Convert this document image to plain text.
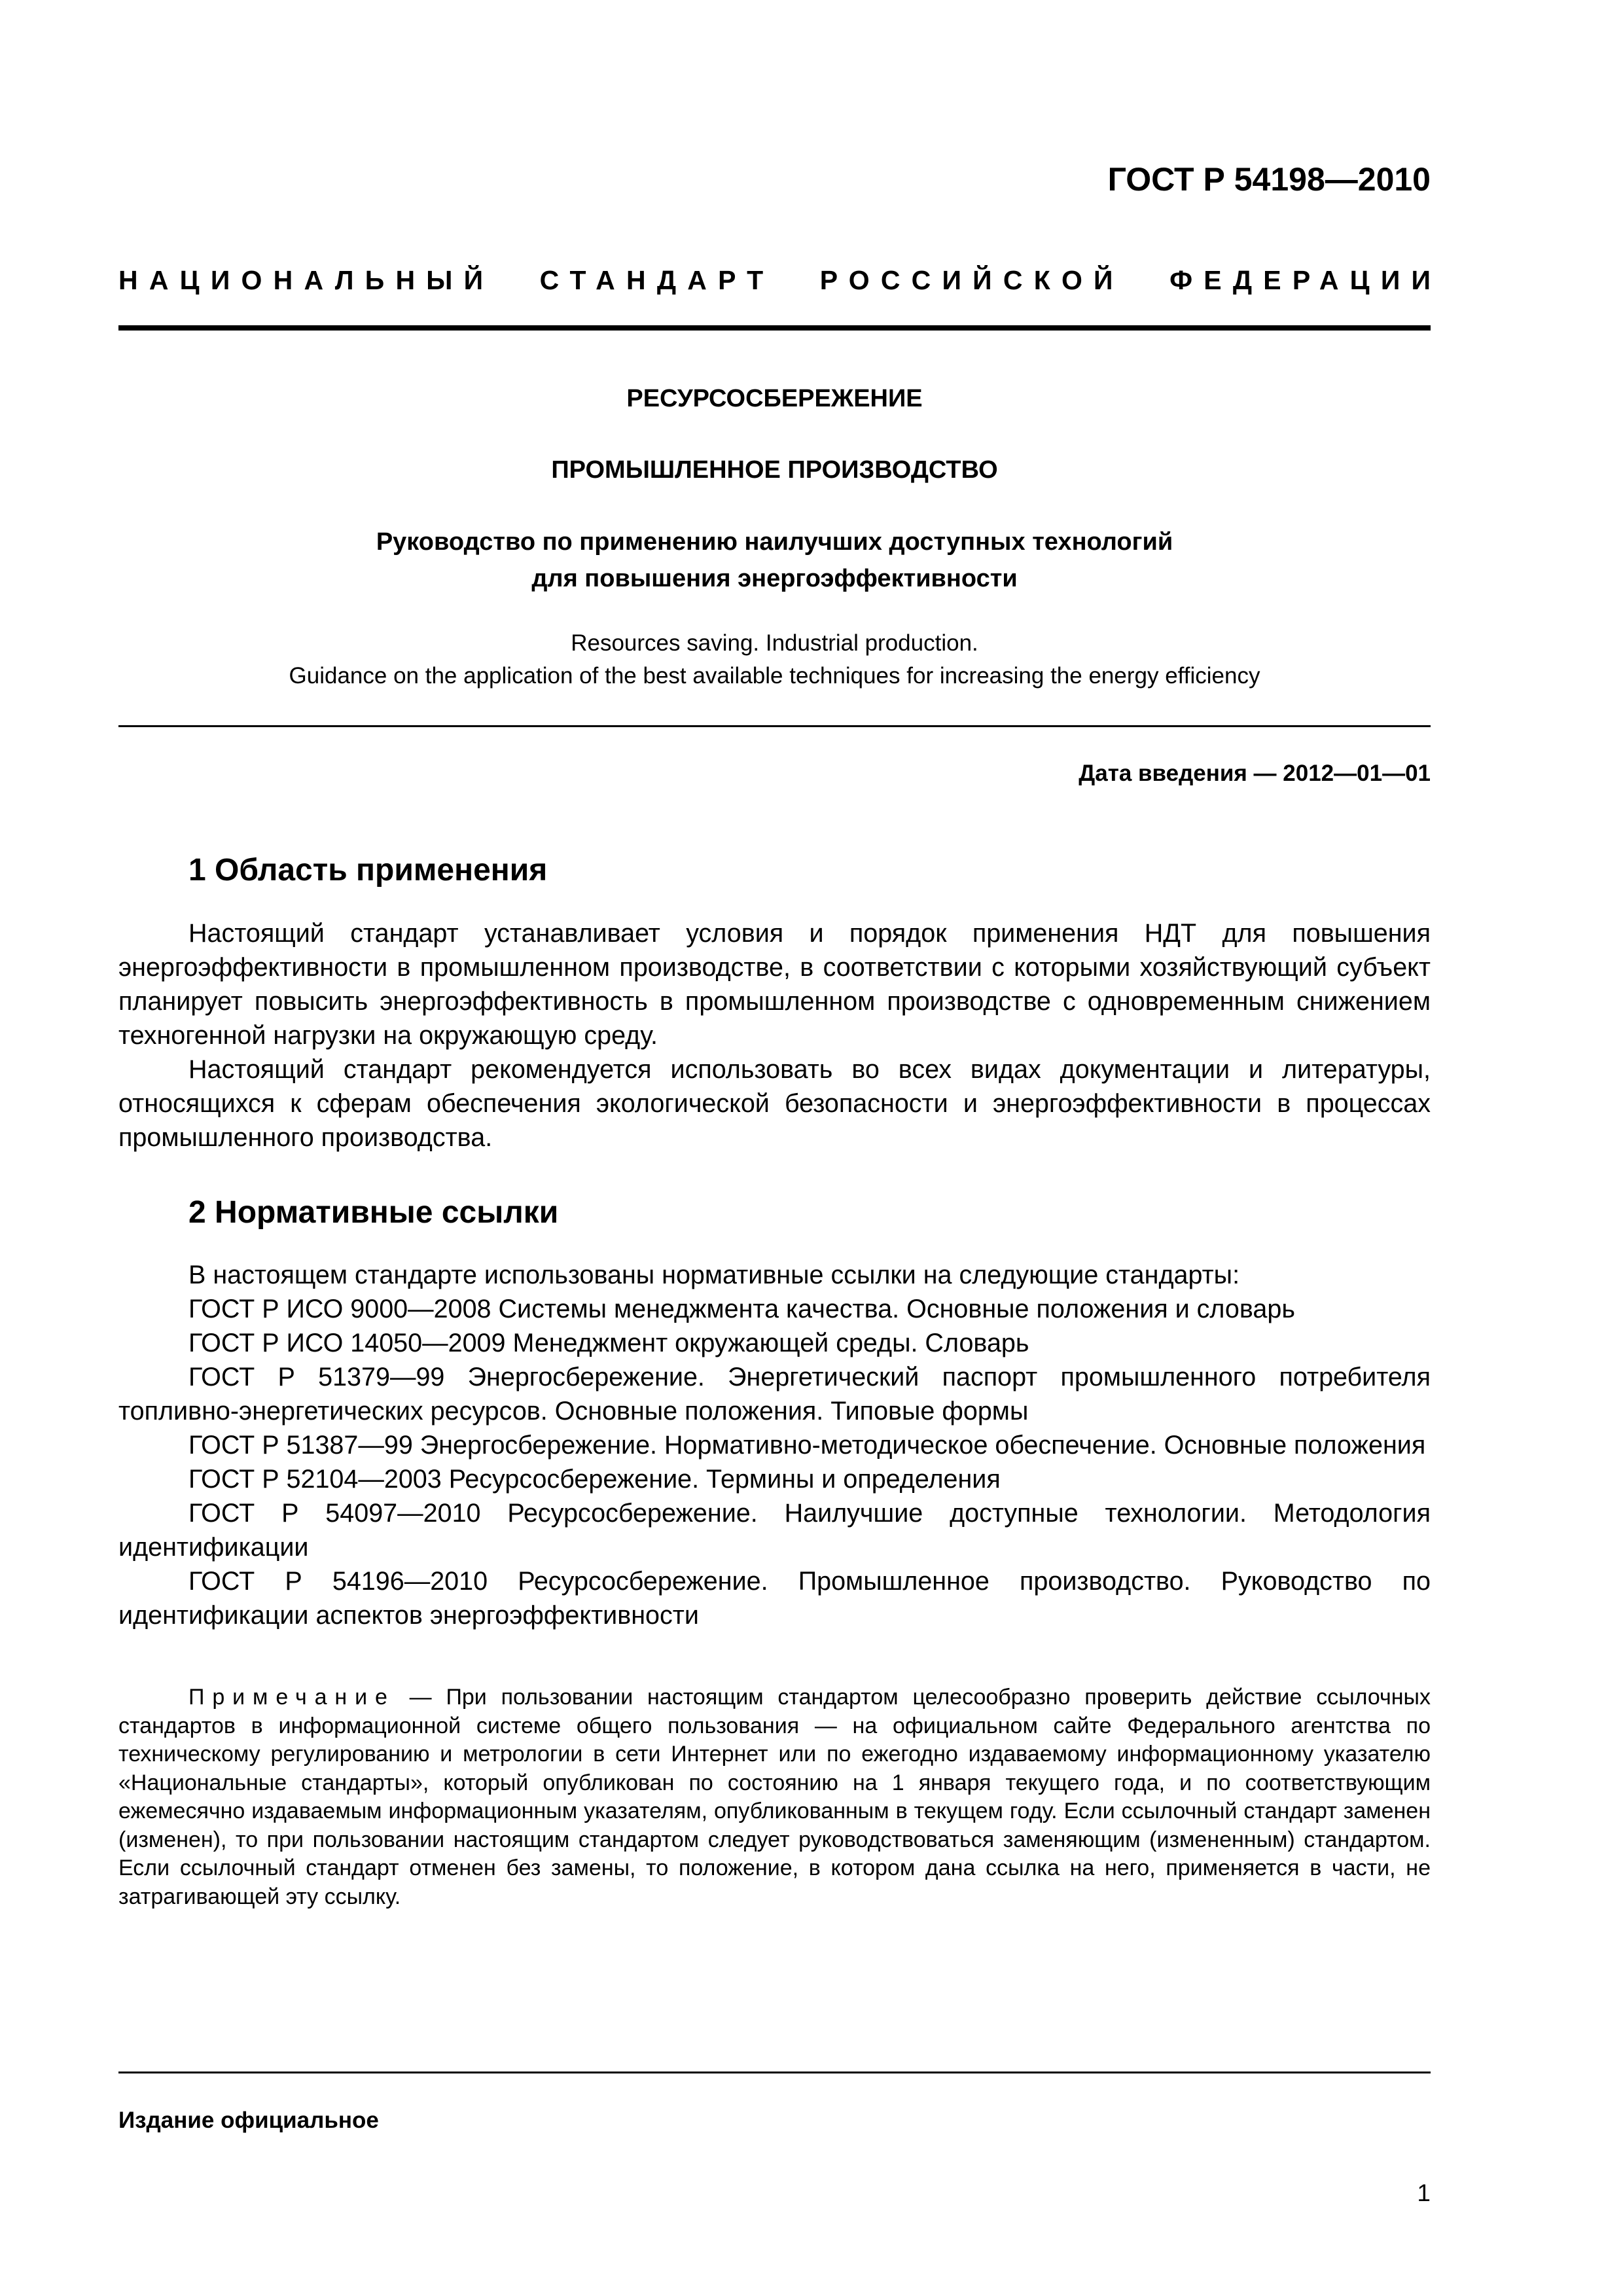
ГОСТ Р 54198—2010
НАЦИОНАЛЬНЫЙ СТАНДАРТ РОССИЙСКОЙ ФЕДЕРАЦИИ
РЕСУРСОСБЕРЕЖЕНИЕ
ПРОМЫШЛЕННОЕ ПРОИЗВОДСТВО
Руководство по применению наилучших доступных технологий
для повышения энергоэффективности
Resources saving. Industrial production.
Guidance on the application of the best available techniques for increasing the energy efficiency
Дата введения — 2012—01—01
1 Область применения

Настоящий стандарт устанавливает условия и порядок применения НДТ для повышения энергоэффективности в промышленном производстве, в соответствии с которыми хозяйствующий субъект планирует повысить энергоэффективность в промышленном производстве с одновременным снижением техногенной нагрузки на окружающую среду.

Настоящий стандарт рекомендуется использовать во всех видах документации и литературы, относящихся к сферам обеспечения экологической безопасности и энергоэффективности в процессах промышленного производства.

2 Нормативные ссылки

В настоящем стандарте использованы нормативные ссылки на следующие стандарты:

ГОСТ Р ИСО 9000—2008 Системы менеджмента качества. Основные положения и словарь

ГОСТ Р ИСО 14050—2009 Менеджмент окружающей среды. Словарь

ГОСТ Р 51379—99 Энергосбережение. Энергетический паспорт промышленного потребителя топливно-энергетических ресурсов. Основные положения. Типовые формы

ГОСТ Р 51387—99 Энергосбережение. Нормативно-методическое обеспечение. Основные положения

ГОСТ Р 52104—2003 Ресурсосбережение. Термины и определения

ГОСТ Р 54097—2010 Ресурсосбережение. Наилучшие доступные технологии. Методология идентификации

ГОСТ Р 54196—2010 Ресурсосбережение. Промышленное производство. Руководство по идентификации аспектов энергоэффективности

Примечание — При пользовании настоящим стандартом целесообразно проверить действие ссылочных стандартов в информационной системе общего пользования — на официальном сайте Федерального агентства по техническому регулированию и метрологии в сети Интернет или по ежегодно издаваемому информационному указателю «Национальные стандарты», который опубликован по состоянию на 1 января текущего года, и по соответствующим ежемесячно издаваемым информационным указателям, опубликованным в текущем году. Если ссылочный стандарт заменен (изменен), то при пользовании настоящим стандартом следует руководствоваться заменяющим (измененным) стандартом. Если ссылочный стандарт отменен без замены, то положение, в котором дана ссылка на него, применяется в части, не затрагивающей эту ссылку.
Издание официальное
1
